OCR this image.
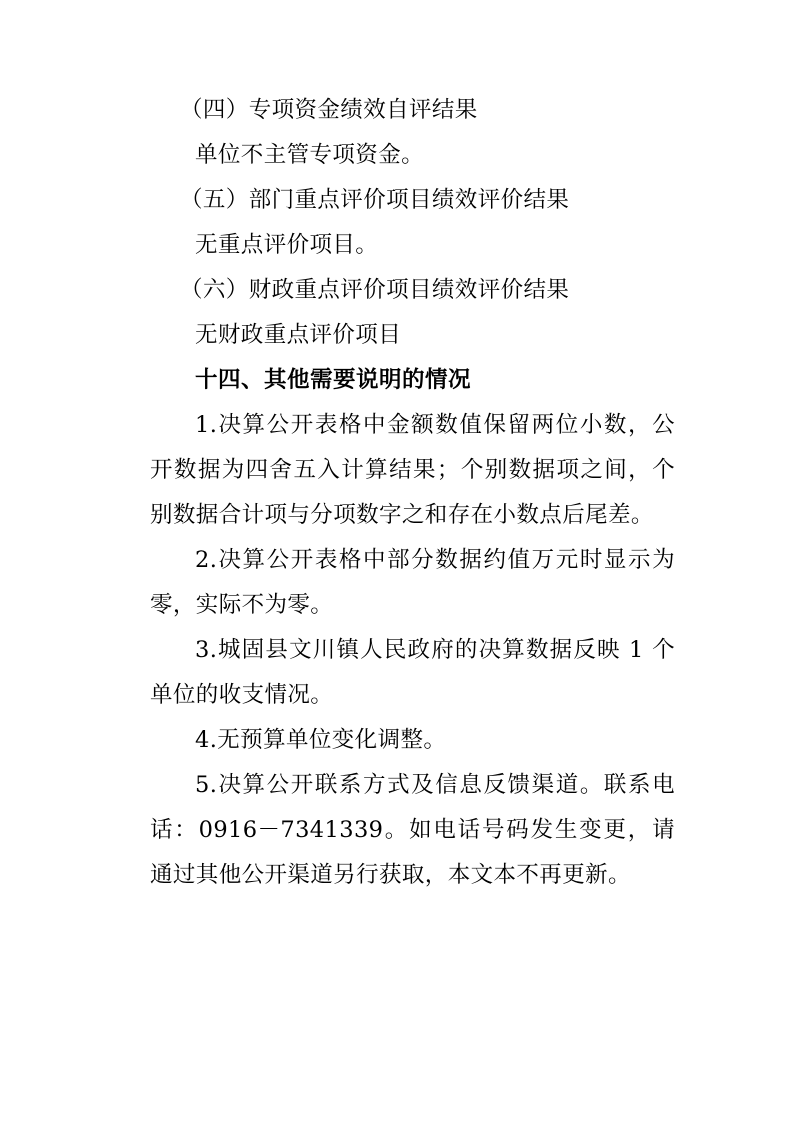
（四）专项资金绩效自评结果

单位不主管专项资金。

（五）部门重点评价项目绩效评价结果

无重点评价项目。

（六）财政重点评价项目绩效评价结果

无财政重点评价项目

十四、其他需要说明的情况

1.决算公开表格中金额数值保留两位小数，公开数据为四舍五入计算结果；个别数据项之间，个别数据合计项与分项数字之和存在小数点后尾差。

2.决算公开表格中部分数据约值万元时显示为零，实际不为零。

3.城固县文川镇人民政府的决算数据反映 1 个单位的收支情况。

4.无预算单位变化调整。

5.决算公开联系方式及信息反馈渠道。联系电话：0916－7341339。如电话号码发生变更，请通过其他公开渠道另行获取，本文本不再更新。
